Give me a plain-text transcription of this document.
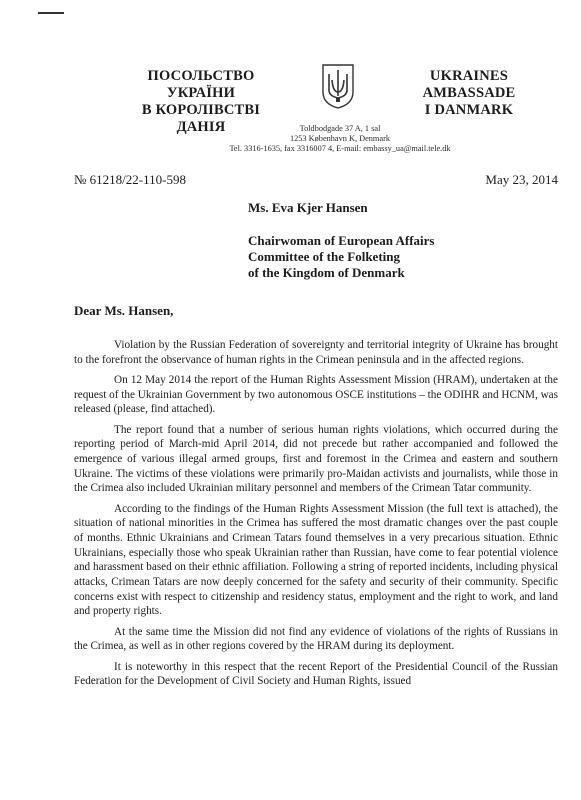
ПОСОЛЬСТВО УКРАЇНИ
В КОРОЛІВСТВІ ДАНІЯ
UKRAINES AMBASSADE
I DANMARK
Toldbodgade 37 A, 1 sal
1253 København K, Denmark
Tel. 3316-1635, fax 3316007 4, E-mail: embassy_ua@mail.tele.dk
№ 61218/22-110-598	May 23, 2014
Ms. Eva Kjer Hansen
Chairwoman of European Affairs
Committee of the Folketing
of the Kingdom of Denmark
Dear Ms. Hansen,

Violation by the Russian Federation of sovereignty and territorial integrity of Ukraine has brought to the forefront the observance of human rights in the Crimean peninsula and in the affected regions.

On 12 May 2014 the report of the Human Rights Assessment Mission (HRAM), undertaken at the request of the Ukrainian Government by two autonomous OSCE institutions – the ODIHR and HCNM, was released (please, find attached).

The report found that a number of serious human rights violations, which occurred during the reporting period of March-mid April 2014, did not precede but rather accompanied and followed the emergence of various illegal armed groups, first and foremost in the Crimea and eastern and southern Ukraine. The victims of these violations were primarily pro-Maidan activists and journalists, while those in the Crimea also included Ukrainian military personnel and members of the Crimean Tatar community.

According to the findings of the Human Rights Assessment Mission (the full text is attached), the situation of national minorities in the Crimea has suffered the most dramatic changes over the past couple of months. Ethnic Ukrainians and Crimean Tatars found themselves in a very precarious situation. Ethnic Ukrainians, especially those who speak Ukrainian rather than Russian, have come to fear potential violence and harassment based on their ethnic affiliation. Following a string of reported incidents, including physical attacks, Crimean Tatars are now deeply concerned for the safety and security of their community. Specific concerns exist with respect to citizenship and residency status, employment and the right to work, and land and property rights.

At the same time the Mission did not find any evidence of violations of the rights of Russians in the Crimea, as well as in other regions covered by the HRAM during its deployment.

It is noteworthy in this respect that the recent Report of the Presidential Council of the Russian Federation for the Development of Civil Society and Human Rights, issued
